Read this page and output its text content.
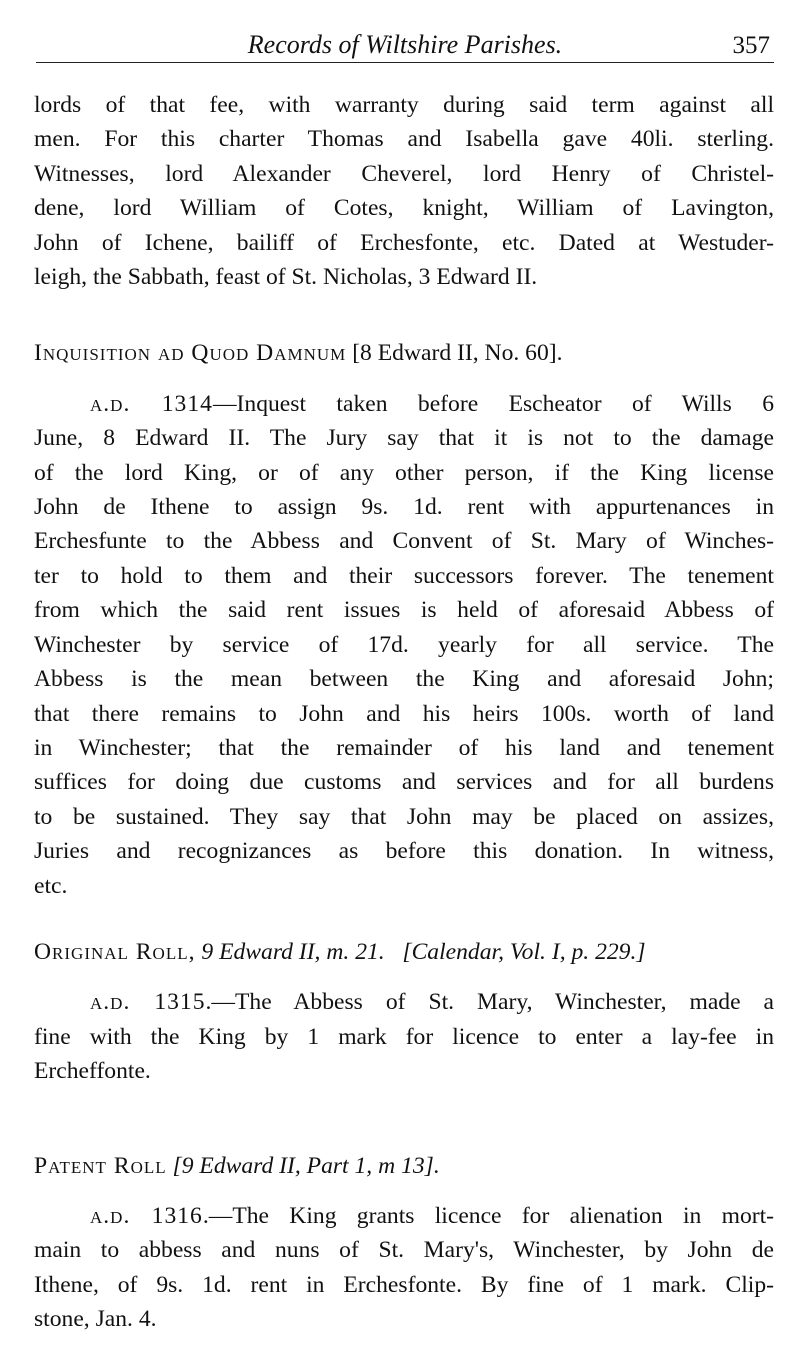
Records of Wiltshire Parishes.	357

lords of that fee, with warranty during said term against all

men. For this charter Thomas and Isabella gave 40li. sterling.

Witnesses, lord Alexander Cheverel, lord Henry of Christel-

dene, lord William of Cotes, knight, William of Lavington,

John of Ichene, bailiff of Erchesfonte, etc. Dated at Westuder-

leigh, the Sabbath, feast of St. Nicholas, 3 Edward II.

Inquisition ad Quod Damnum [8 Edward II, No. 60].

a.d. 1314—Inquest taken before Escheator of Wills 6

June, 8 Edward II. The Jury say that it is not to the damage

of the lord King, or of any other person, if the King license

John de Ithene to assign 9s. 1d. rent with appurtenances in

Erchesfunte to the Abbess and Convent of St. Mary of Winches-

ter to hold to them and their successors forever. The tenement

from which the said rent issues is held of aforesaid Abbess of

Winchester by service of 17d. yearly for all service. The

Abbess is the mean between the King and aforesaid John;

that there remains to John and his heirs 100s. worth of land

in Winchester; that the remainder of his land and tenement

suffices for doing due customs and services and for all burdens

to be sustained. They say that John may be placed on assizes,

Juries and recognizances as before this donation. In witness,

etc.

Original Roll, 9 Edward II, m. 21. [Calendar, Vol. I, p. 229.]

a.d. 1315.—The Abbess of St. Mary, Winchester, made a

fine with the King by 1 mark for licence to enter a lay-fee in

Ercheffonte.

Patent Roll [9 Edward II, Part 1, m 13].

a.d. 1316.—The King grants licence for alienation in mort-

main to abbess and nuns of St. Mary's, Winchester, by John de

Ithene, of 9s. 1d. rent in Erchesfonte. By fine of 1 mark. Clip-

stone, Jan. 4.
